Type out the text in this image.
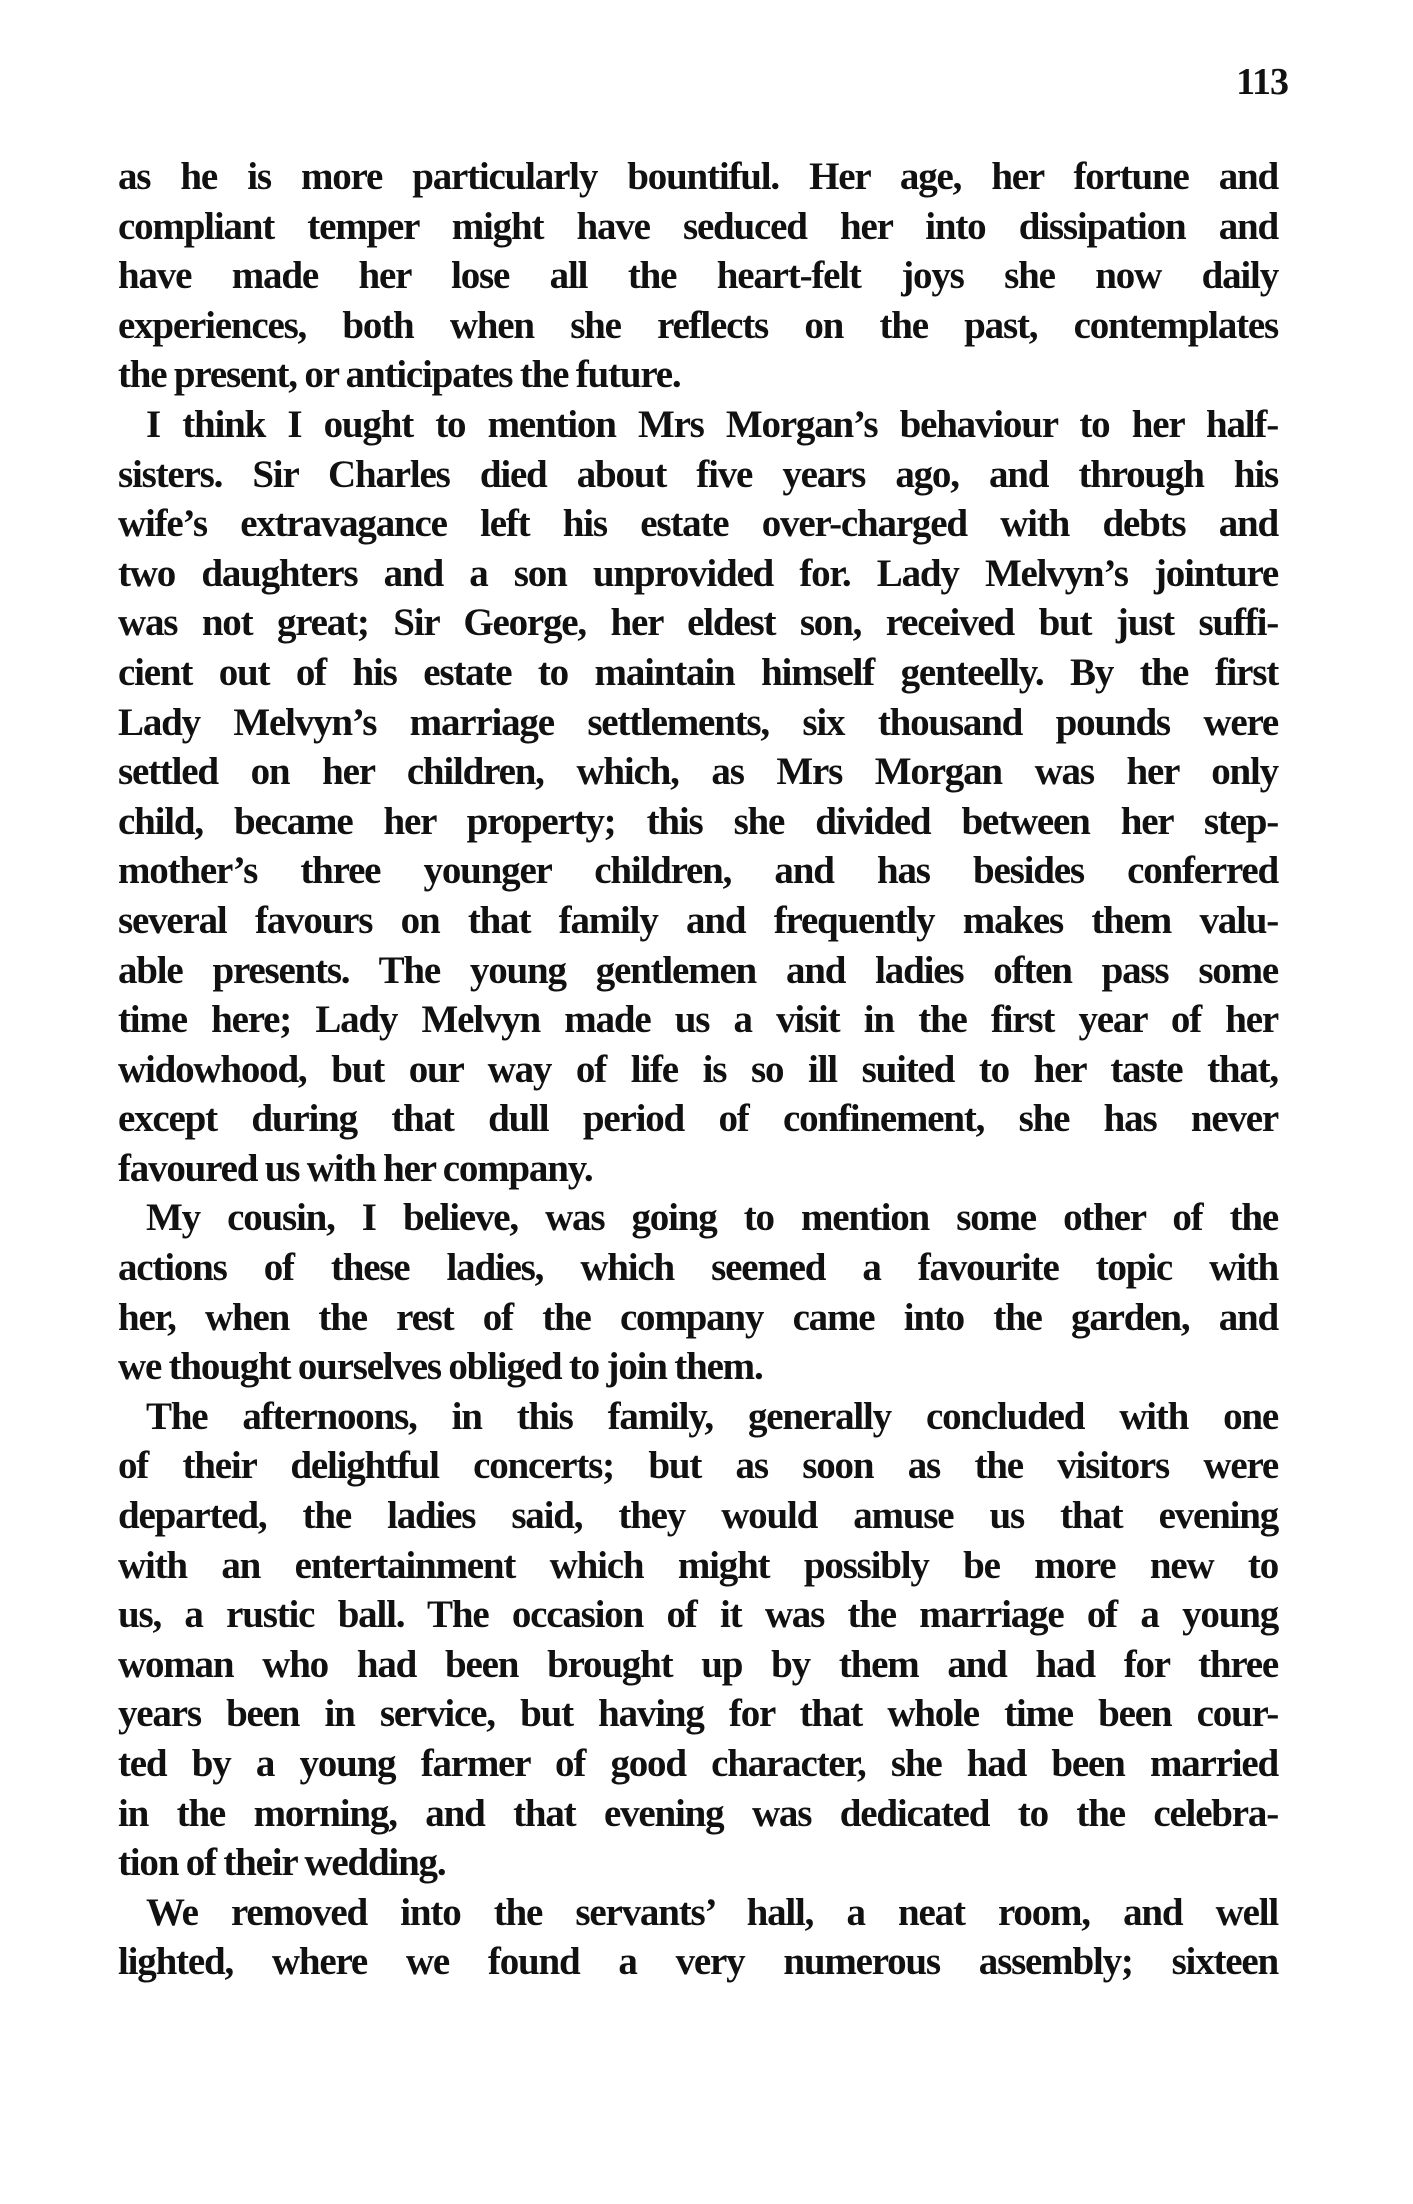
113
as he is more particularly bountiful. Her age, her fortune and
compliant temper might have seduced her into dissipation and
have made her lose all the heart-felt joys she now daily
experiences, both when she reflects on the past, contemplates
the present, or anticipates the future.
I think I ought to mention Mrs Morgan’s behaviour to her half-
sisters. Sir Charles died about five years ago, and through his
wife’s extravagance left his estate over-charged with debts and
two daughters and a son unprovided for. Lady Melvyn’s jointure
was not great; Sir George, her eldest son, received but just suffi-
cient out of his estate to maintain himself genteelly. By the first
Lady Melvyn’s marriage settlements, six thousand pounds were
settled on her children, which, as Mrs Morgan was her only
child, became her property; this she divided between her step-
mother’s three younger children, and has besides conferred
several favours on that family and frequently makes them valu-
able presents. The young gentlemen and ladies often pass some
time here; Lady Melvyn made us a visit in the first year of her
widowhood, but our way of life is so ill suited to her taste that,
except during that dull period of confinement, she has never
favoured us with her company.
My cousin, I believe, was going to mention some other of the
actions of these ladies, which seemed a favourite topic with
her, when the rest of the company came into the garden, and
we thought ourselves obliged to join them.
The afternoons, in this family, generally concluded with one
of their delightful concerts; but as soon as the visitors were
departed, the ladies said, they would amuse us that evening
with an entertainment which might possibly be more new to
us, a rustic ball. The occasion of it was the marriage of a young
woman who had been brought up by them and had for three
years been in service, but having for that whole time been cour-
ted by a young farmer of good character, she had been married
in the morning, and that evening was dedicated to the celebra-
tion of their wedding.
We removed into the servants’ hall, a neat room, and well
lighted, where we found a very numerous assembly; sixteen
